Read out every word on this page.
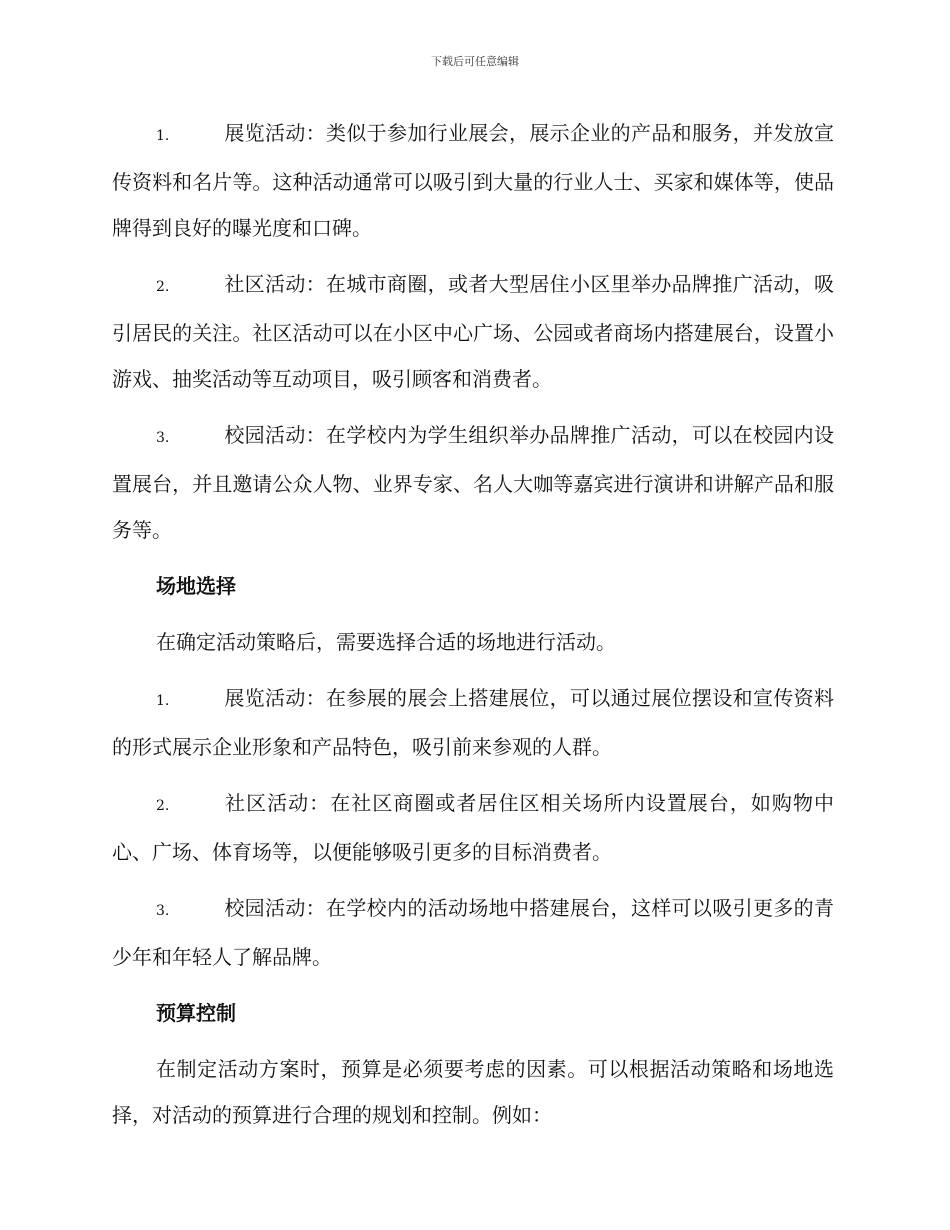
下载后可任意编辑

1.	展览活动：类似于参加行业展会，展示企业的产品和服务，并发放宣传资料和名片等。这种活动通常可以吸引到大量的行业人士、买家和媒体等，使品牌得到良好的曝光度和口碑。

2.	社区活动：在城市商圈，或者大型居住小区里举办品牌推广活动，吸引居民的关注。社区活动可以在小区中心广场、公园或者商场内搭建展台，设置小游戏、抽奖活动等互动项目，吸引顾客和消费者。

3.	校园活动：在学校内为学生组织举办品牌推广活动，可以在校园内设置展台，并且邀请公众人物、业界专家、名人大咖等嘉宾进行演讲和讲解产品和服务等。

场地选择

在确定活动策略后，需要选择合适的场地进行活动。

1.	展览活动：在参展的展会上搭建展位，可以通过展位摆设和宣传资料的形式展示企业形象和产品特色，吸引前来参观的人群。

2.	社区活动：在社区商圈或者居住区相关场所内设置展台，如购物中心、广场、体育场等，以便能够吸引更多的目标消费者。

3.	校园活动：在学校内的活动场地中搭建展台，这样可以吸引更多的青少年和年轻人了解品牌。

预算控制

在制定活动方案时，预算是必须要考虑的因素。可以根据活动策略和场地选择，对活动的预算进行合理的规划和控制。例如：
